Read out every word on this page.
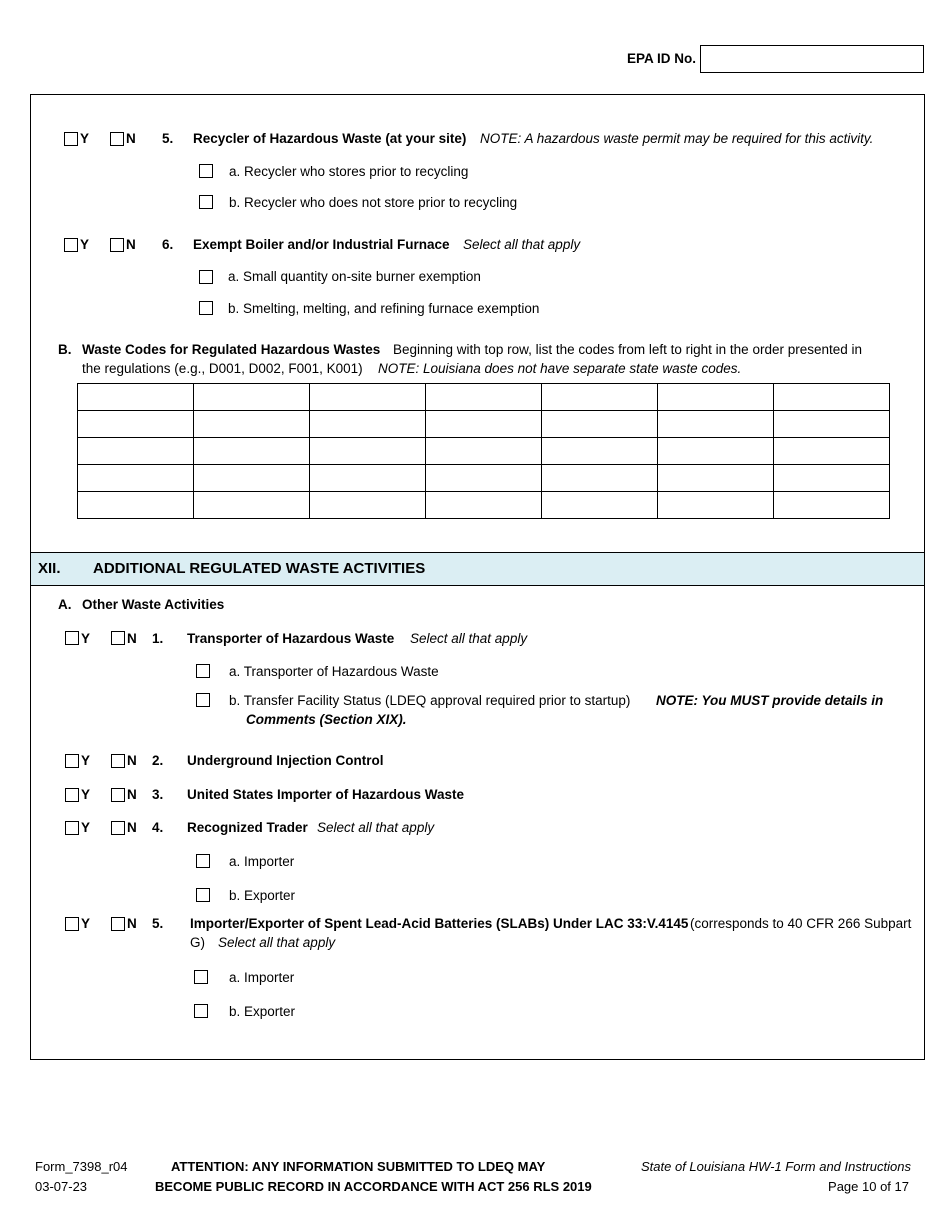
EPA ID No.
Y	N 5. Recycler of Hazardous Waste (at your site) NOTE: A hazardous waste permit may be required for this activity.
a. Recycler who stores prior to recycling
b. Recycler who does not store prior to recycling
Y	N 6. Exempt Boiler and/or Industrial Furnace Select all that apply
a. Small quantity on-site burner exemption
b. Smelting, melting, and refining furnace exemption
B. Waste Codes for Regulated Hazardous Wastes Beginning with top row, list the codes from left to right in the order presented in
the regulations (e.g., D001, D002, F001, K001) NOTE: Louisiana does not have separate state waste codes.

XII. ADDITIONAL REGULATED WASTE ACTIVITIES
A. Other Waste Activities
Y	N 1. Transporter of Hazardous Waste Select all that apply
a. Transporter of Hazardous Waste
b. Transfer Facility Status (LDEQ approval required prior to startup) NOTE: You MUST provide details in
Comments (Section XIX).
Y	N 2. Underground Injection Control
Y	N 3. United States Importer of Hazardous Waste
Y	N 4. Recognized Trader Select all that apply
a. Importer
b. Exporter
Y	N 5. Importer/Exporter of Spent Lead-Acid Batteries (SLABs) Under LAC 33:V.4145 (corresponds to 40 CFR 266 Subpart
G) Select all that apply
a. Importer
b. Exporter
Form_7398_r04
03-07-23
ATTENTION: ANY INFORMATION SUBMITTED TO LDEQ MAY
BECOME PUBLIC RECORD IN ACCORDANCE WITH ACT 256 RLS 2019
State of Louisiana HW-1 Form and Instructions
Page 10 of 17
